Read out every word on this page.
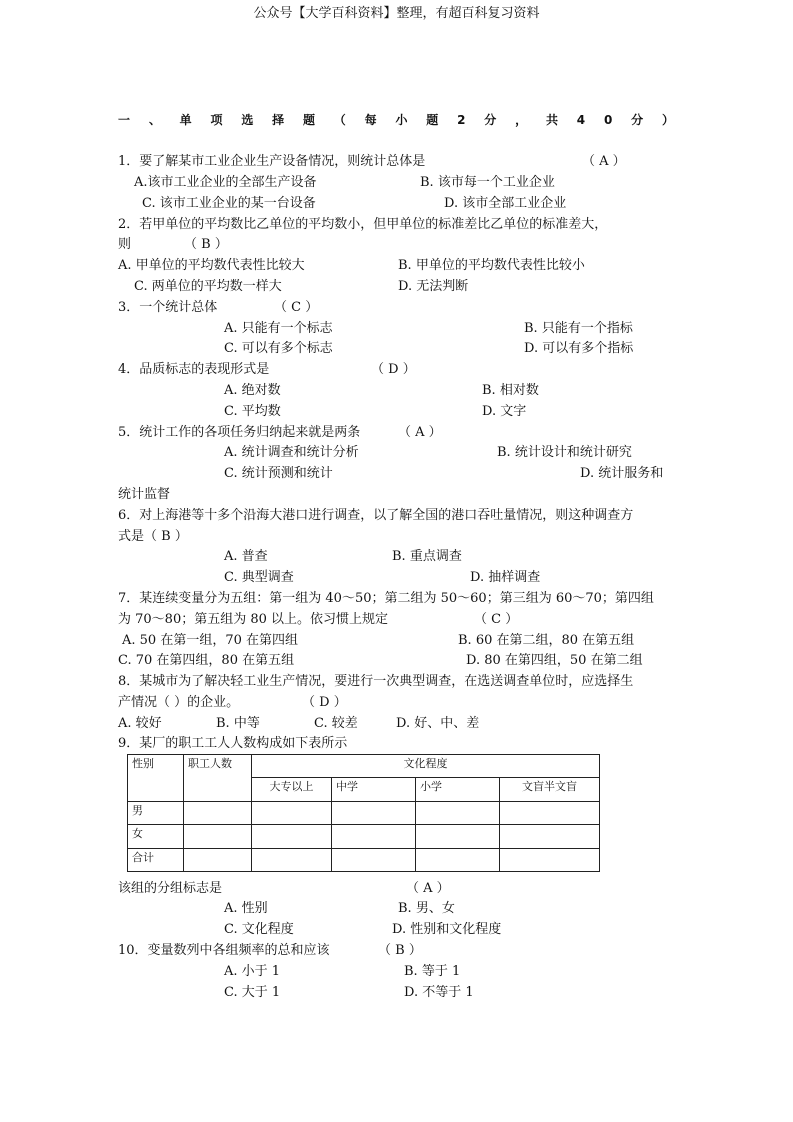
公众号【大学百科资料】整理，有超百科复习资料
一 、 单 项 选 择 题 （ 每 小 题 2 分 ， 共 4 0 分 ）
1．要了解某市工业企业生产设备情况，则统计总体是	（ A ）
A.该市工业企业的全部生产设备	B. 该市每一个工业企业
C. 该市工业企业的某一台设备	D. 该市全部工业企业
2．若甲单位的平均数比乙单位的平均数小，但甲单位的标准差比乙单位的标准差大，
则	（ B ）
A. 甲单位的平均数代表性比较大	B. 甲单位的平均数代表性比较小
C. 两单位的平均数一样大	D. 无法判断
3．一个统计总体	（ C ）
A. 只能有一个标志	B. 只能有一个指标
C. 可以有多个标志	D. 可以有多个指标
4．品质标志的表现形式是	（ D ）
A. 绝对数	B. 相对数
C. 平均数	D. 文字
5．统计工作的各项任务归纳起来就是两条	（ A ）
A. 统计调查和统计分析	B. 统计设计和统计研究
C. 统计预测和统计	D. 统计服务和
统计监督
6．对上海港等十多个沿海大港口进行调查，以了解全国的港口吞吐量情况，则这种调查方
式是（ B ）
A. 普查	B. 重点调查
C. 典型调查	D. 抽样调查
7．某连续变量分为五组：第一组为 40～50；第二组为 50～60；第三组为 60～70；第四组
为 70～80；第五组为 80 以上。依习惯上规定	（ C ）
A. 50 在第一组，70 在第四组	B. 60 在第二组，80 在第五组
C. 70 在第四组，80 在第五组	D. 80 在第四组，50 在第二组
8．某城市为了解决轻工业生产情况，要进行一次典型调查，在选送调查单位时，应选择生
产情况（ ）的企业。	（ D ）
A. 较好	B. 中等	C. 较差	D. 好、中、差
9．某厂的职工工人人数构成如下表所示
性别	职工人数	文化程度			
		大专以上	中学	小学	文盲半文盲
男					
女					
合计					
该组的分组标志是	（ A ）
A. 性别	B. 男、女
C. 文化程度	D. 性别和文化程度
10．变量数列中各组频率的总和应该	（ B ）
A. 小于 1	B. 等于 1
C. 大于 1	D. 不等于 1
